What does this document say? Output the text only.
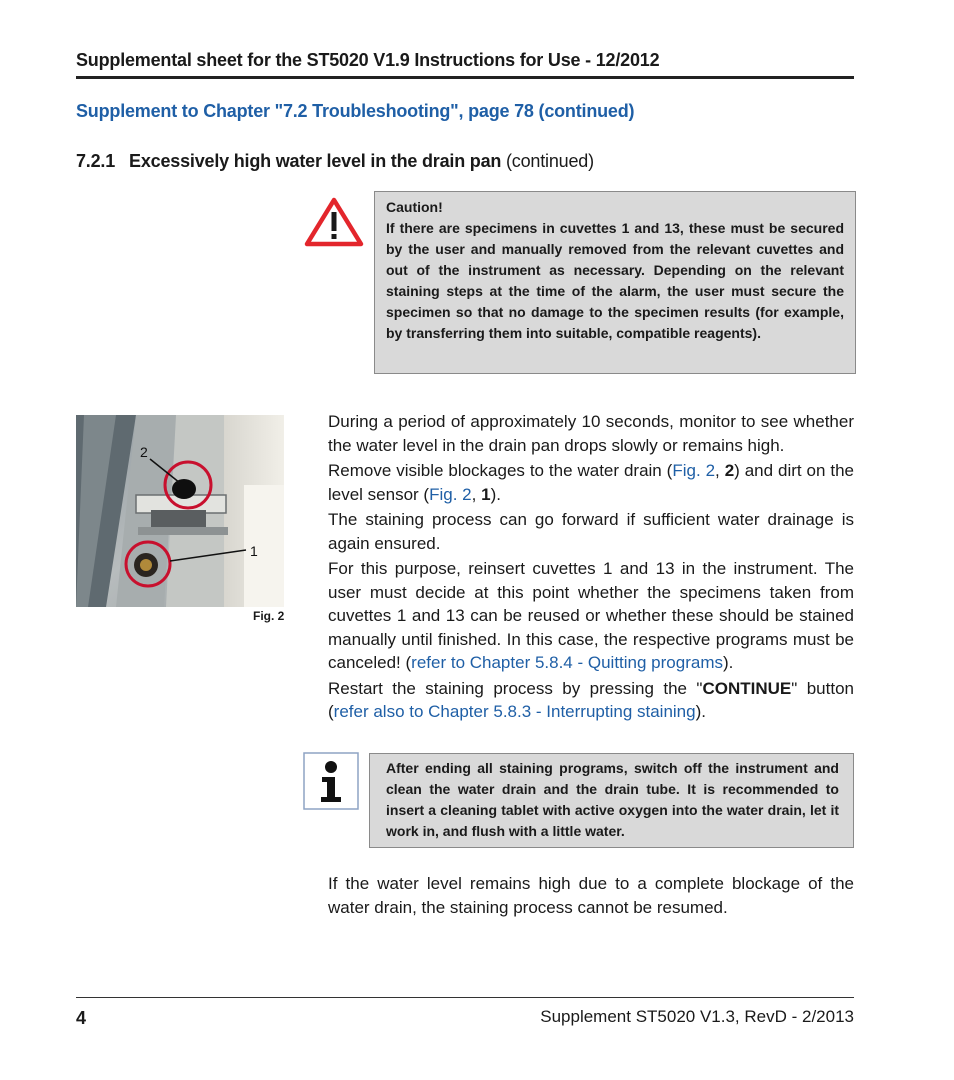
Supplemental sheet for the ST5020 V1.9 Instructions for Use - 12/2012
Supplement to Chapter "7.2 Troubleshooting", page 78 (continued)
7.2.1 Excessively high water level in the drain pan (continued)
Caution!
If there are specimens in cuvettes 1 and 13, these must be secured by the user and manually removed from the relevant cuvettes and out of the instrument as necessary. Depending on the relevant staining steps at the time of the alarm, the user must secure the specimen so that no damage to the specimen results (for example, by transferring them into suitable, compatible reagents).
2
1
Fig. 2

During a period of approximately 10 seconds, monitor to see whether the water level in the drain pan drops slowly or remains high.

Remove visible blockages to the water drain (Fig. 2, 2) and dirt on the level sensor (Fig. 2, 1).

The staining process can go forward if sufficient water drainage is again ensured.

For this purpose, reinsert cuvettes 1 and 13 in the instrument. The user must decide at this point whether the specimens taken from cuvettes 1 and 13 can be reused or whether these should be stained manually until finished. In this case, the respective programs must be canceled! (refer to Chapter 5.8.4 - Quitting programs).

Restart the staining process by pressing the "CONTINUE" button (refer also to Chapter 5.8.3 - Interrupting staining).

After ending all staining programs, switch off the instrument and clean the water drain and the drain tube. It is recommended to insert a cleaning tablet with active oxygen into the water drain, let it work in, and flush with a little water.
If the water level remains high due to a complete blockage of the water drain, the staining process cannot be resumed.
4	Supplement ST5020 V1.3, RevD - 2/2013
